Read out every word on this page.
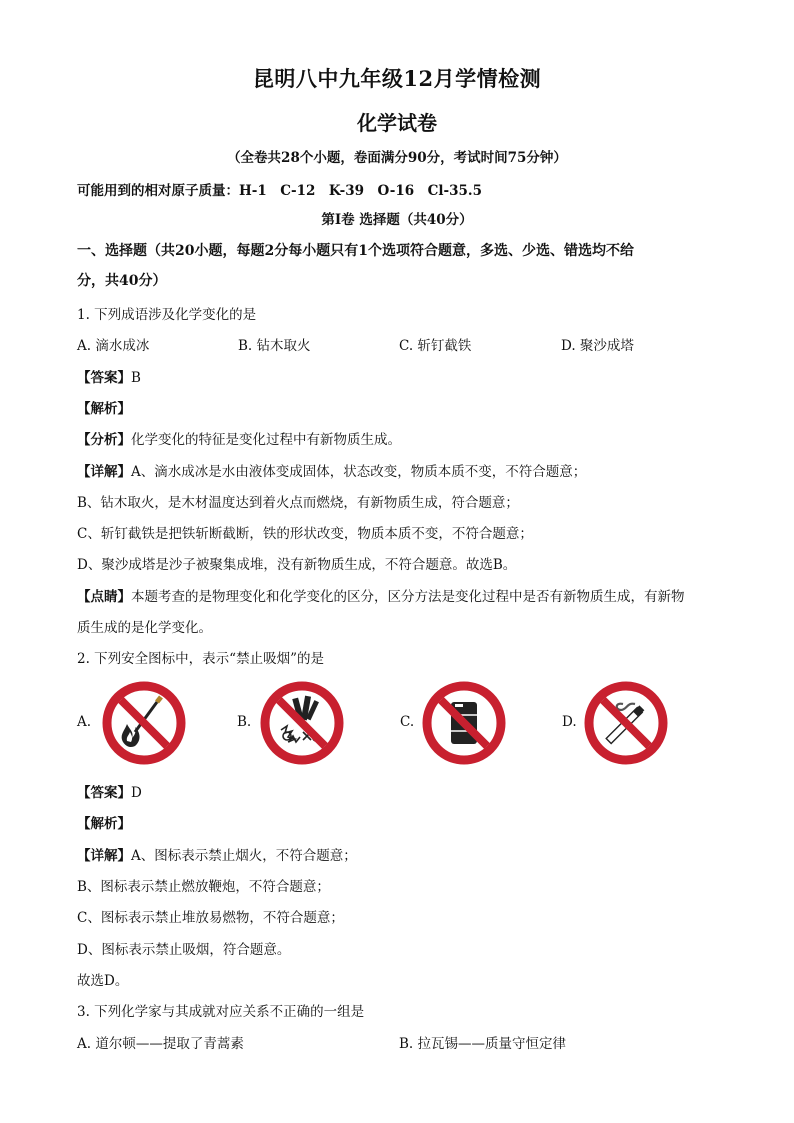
昆明八中九年级12月学情检测
化学试卷
（全卷共28个小题，卷面满分90分，考试时间75分钟）
可能用到的相对原子质量：H-1　C-12　K-39　O-16　Cl-35.5
第Ⅰ卷 选择题（共40分）
一、选择题（共20小题，每题2分每小题只有1个选项符合题意，多选、少选、错选均不给
分，共40分）
1. 下列成语涉及化学变化的是
A. 滴水成冰	B. 钻木取火	C. 斩钉截铁	D. 聚沙成塔
【答案】B
【解析】
【分析】化学变化的特征是变化过程中有新物质生成。
【详解】A、滴水成冰是水由液体变成固体，状态改变，物质本质不变，不符合题意；
B、钻木取火，是木材温度达到着火点而燃烧，有新物质生成，符合题意；
C、斩钉截铁是把铁斩断截断，铁的形状改变，物质本质不变，不符合题意；
D、聚沙成塔是沙子被聚集成堆，没有新物质生成，不符合题意。故选B。
【点睛】本题考查的是物理变化和化学变化的区分，区分方法是变化过程中是否有新物质生成，有新物
质生成的是化学变化。
2. 下列安全图标中，表示“禁止吸烟”的是
A.	B.	C.	D.
【答案】D
【解析】
【详解】A、图标表示禁止烟火，不符合题意；
B、图标表示禁止燃放鞭炮，不符合题意；
C、图标表示禁止堆放易燃物，不符合题意；
D、图标表示禁止吸烟，符合题意。
故选D。
3. 下列化学家与其成就对应关系不正确的一组是
A. 道尔顿——提取了青蒿素	B. 拉瓦锡——质量守恒定律
